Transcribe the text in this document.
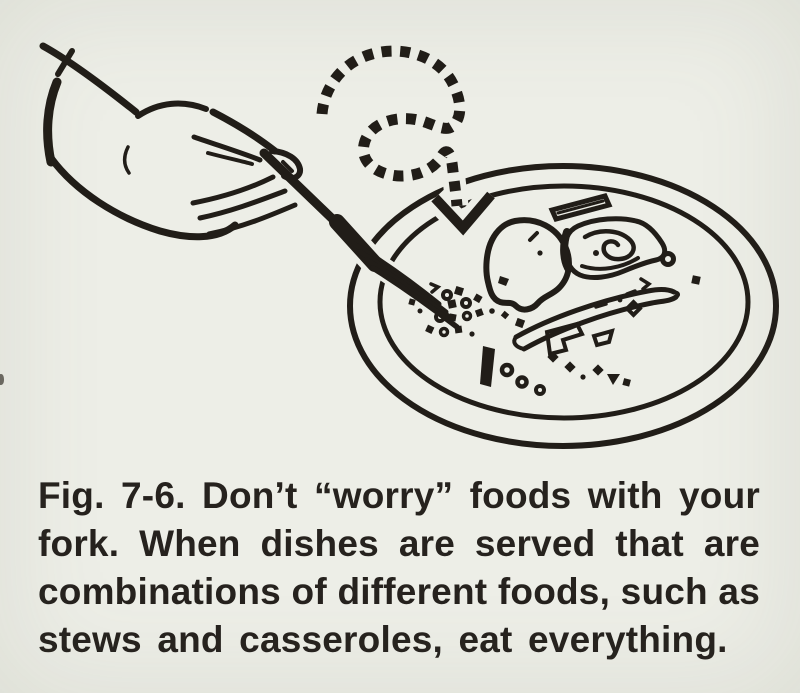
Fig. 7-6. Don’t “worry” foods with your
fork. When dishes are served that are
combinations of different foods, such as
stews and casseroles, eat everything.
